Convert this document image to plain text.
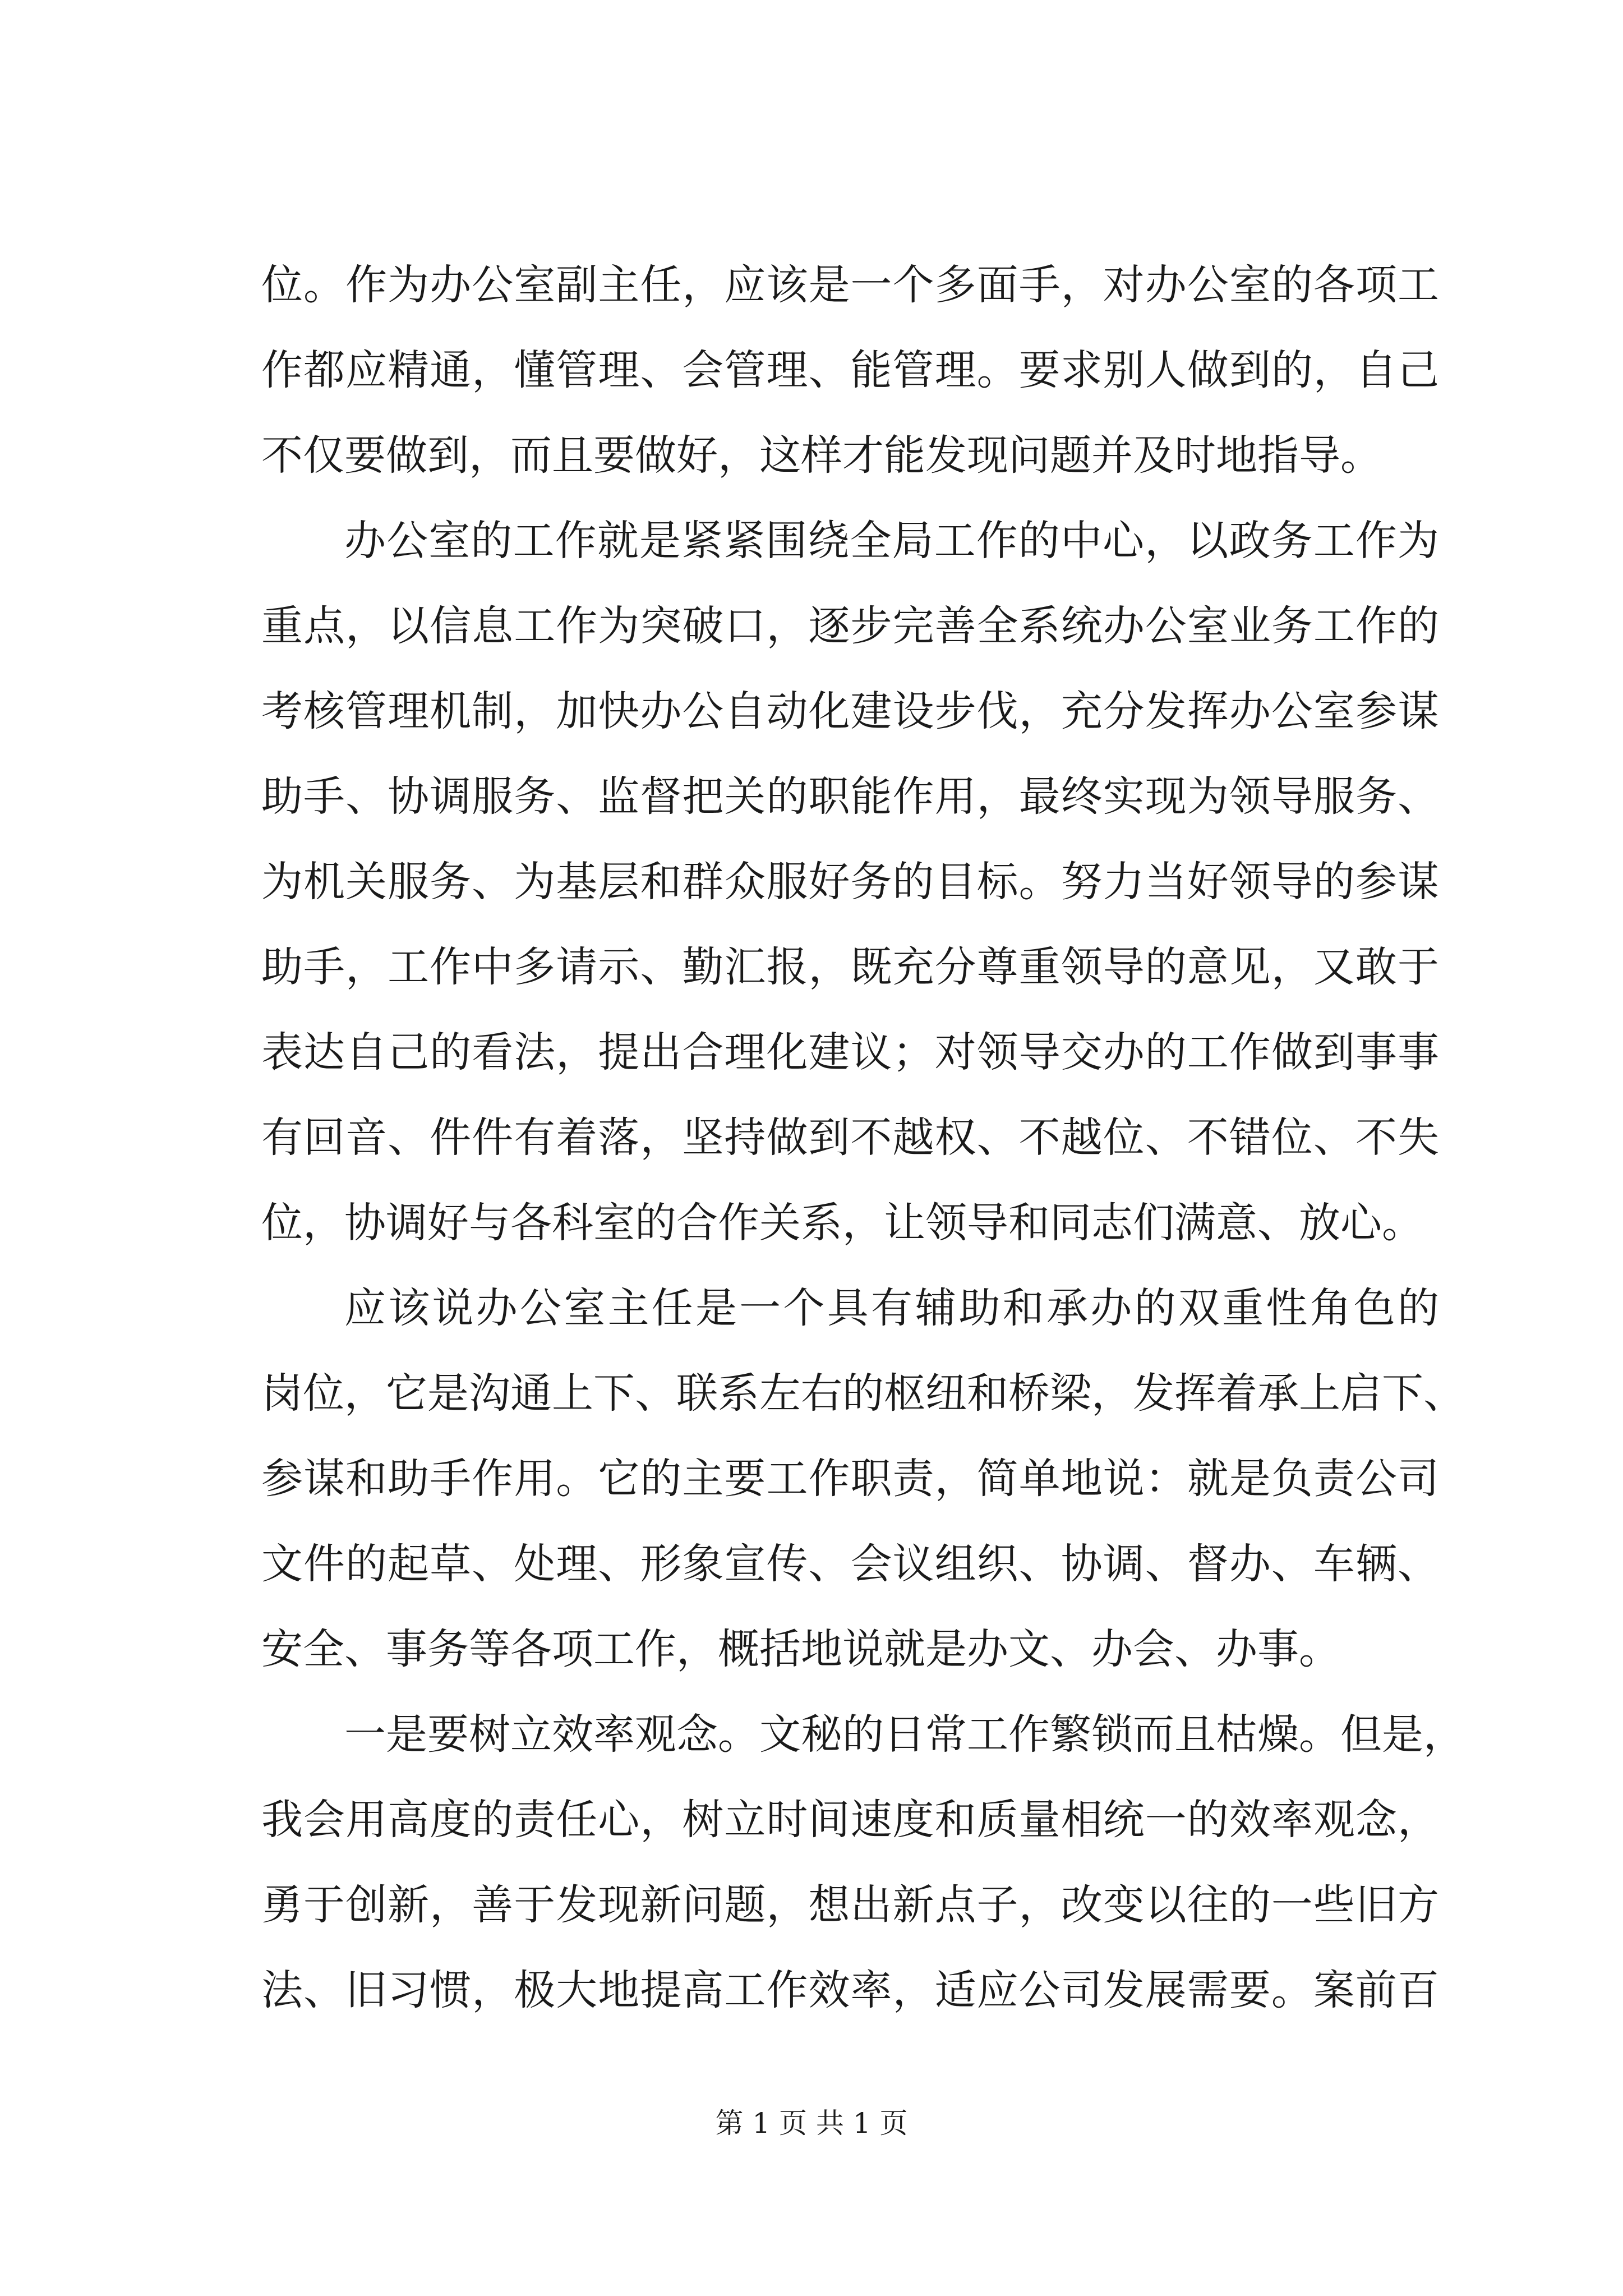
位。作为办公室副主任，应该是一个多面手，对办公室的各项工
作都应精通，懂管理、会管理、能管理。要求别人做到的，自己
不仅要做到，而且要做好，这样才能发现问题并及时地指导。
办公室的工作就是紧紧围绕全局工作的中心，以政务工作为
重点，以信息工作为突破口，逐步完善全系统办公室业务工作的
考核管理机制，加快办公自动化建设步伐，充分发挥办公室参谋
助手、协调服务、监督把关的职能作用，最终实现为领导服务、
为机关服务、为基层和群众服好务的目标。努力当好领导的参谋
助手，工作中多请示、勤汇报，既充分尊重领导的意见，又敢于
表达自己的看法，提出合理化建议；对领导交办的工作做到事事
有回音、件件有着落，坚持做到不越权、不越位、不错位、不失
位，协调好与各科室的合作关系，让领导和同志们满意、放心。
应该说办公室主任是一个具有辅助和承办的双重性角色的
岗位，它是沟通上下、联系左右的枢纽和桥梁，发挥着承上启下、
参谋和助手作用。它的主要工作职责，简单地说：就是负责公司
文件的起草、处理、形象宣传、会议组织、协调、督办、车辆、
安全、事务等各项工作，概括地说就是办文、办会、办事。
一是要树立效率观念。文秘的日常工作繁锁而且枯燥。但是，
我会用高度的责任心，树立时间速度和质量相统一的效率观念，
勇于创新，善于发现新问题，想出新点子，改变以往的一些旧方
法、旧习惯，极大地提高工作效率，适应公司发展需要。案前百
第 1 页 共 1 页
